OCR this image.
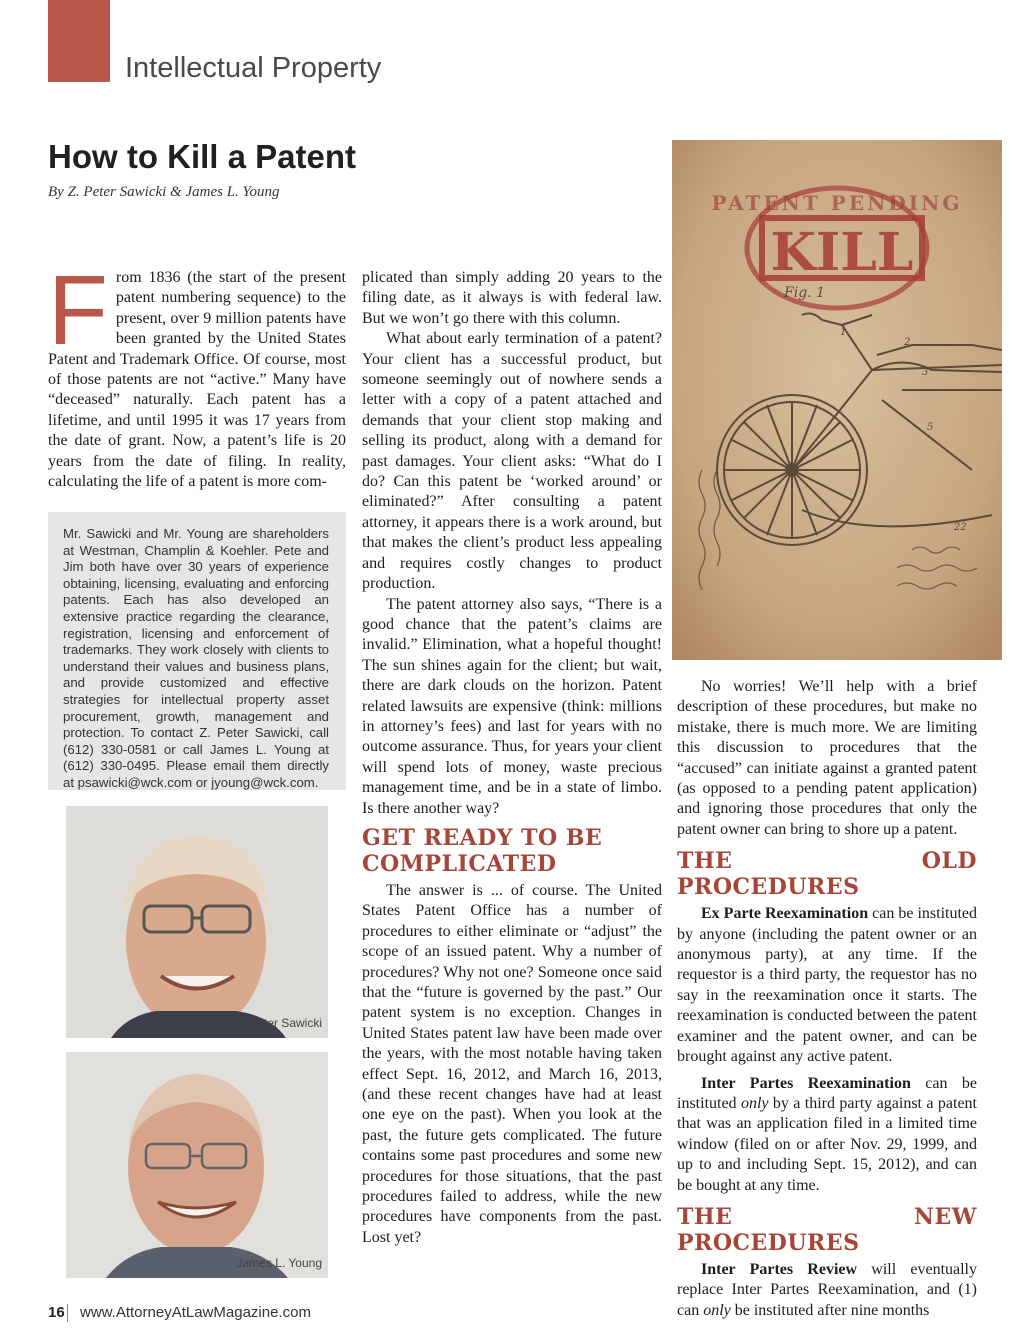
Intellectual Property
How to Kill a Patent
By Z. Peter Sawicki & James L. Young
KILL
PATENT PENDING
Fig. 1
1
2
3
5
22
F rom 1836 (the start of the present patent numbering sequence) to the present, over 9 million patents have been granted by the United States Patent and Trademark Office. Of course, most of those patents are not “active.” Many have “deceased” naturally. Each patent has a lifetime, and until 1995 it was 17 years from the date of grant. Now, a patent’s life is 20 years from the date of filing. In reality, calculating the life of a patent is more com-

Mr. Sawicki and Mr. Young are shareholders at Westman, Champlin & Koehler. Pete and Jim both have over 30 years of experience obtaining, licensing, evaluating and enforcing patents. Each has also developed an extensive practice regarding the clearance, registration, licensing and enforcement of trademarks. They work closely with clients to understand their values and business plans, and provide customized and effective strategies for intellectual property asset procurement, growth, management and protection. To contact Z. Peter Sawicki, call (612) 330-0581 or call James L. Young at (612) 330-0495. Please email them directly at psawicki@wck.com or jyoung@wck.com.
Z. Peter Sawicki
James L. Young

plicated than simply adding 20 years to the filing date, as it always is with federal law. But we won’t go there with this column.

What about early termination of a patent? Your client has a successful product, but someone seemingly out of nowhere sends a letter with a copy of a patent attached and demands that your client stop making and selling its product, along with a demand for past damages. Your client asks: “What do I do? Can this patent be ‘worked around’ or eliminated?” After consulting a patent attorney, it appears there is a work around, but that makes the client’s product less appealing and requires costly changes to product production.

The patent attorney also says, “There is a good chance that the patent’s claims are invalid.” Elimination, what a hopeful thought! The sun shines again for the client; but wait, there are dark clouds on the horizon. Patent related lawsuits are expensive (think: millions in attorney’s fees) and last for years with no outcome assurance. Thus, for years your client will spend lots of money, waste precious management time, and be in a state of limbo. Is there another way?

GET READY TO BE COMPLICATED

The answer is ... of course. The United States Patent Office has a number of procedures to either eliminate or “adjust” the scope of an issued patent. Why a number of procedures? Why not one? Someone once said that the “future is governed by the past.” Our patent system is no exception. Changes in United States patent law have been made over the years, with the most notable having taken effect Sept. 16, 2012, and March 16, 2013, (and these recent changes have had at least one eye on the past). When you look at the past, the future gets complicated. The future contains some past procedures and some new procedures for those situations, that the past procedures failed to address, while the new procedures have components from the past. Lost yet?

No worries! We’ll help with a brief description of these procedures, but make no mistake, there is much more. We are limiting this discussion to procedures that the “accused” can initiate against a granted patent (as opposed to a pending patent application) and ignoring those procedures that only the patent owner can bring to shore up a patent.

THE OLD PROCEDURES

Ex Parte Reexamination can be instituted by anyone (including the patent owner or an anonymous party), at any time. If the requestor is a third party, the requestor has no say in the reexamination once it starts. The reexamination is conducted between the patent examiner and the patent owner, and can be brought against any active patent.

Inter Partes Reexamination can be instituted only by a third party against a patent that was an application filed in a limited time window (filed on or after Nov. 29, 1999, and up to and including Sept. 15, 2012), and can be bought at any time.

THE NEW PROCEDURES

Inter Partes Review will eventually replace Inter Partes Reexamination, and (1) can only be instituted after nine months

16 www.AttorneyAtLawMagazine.com
